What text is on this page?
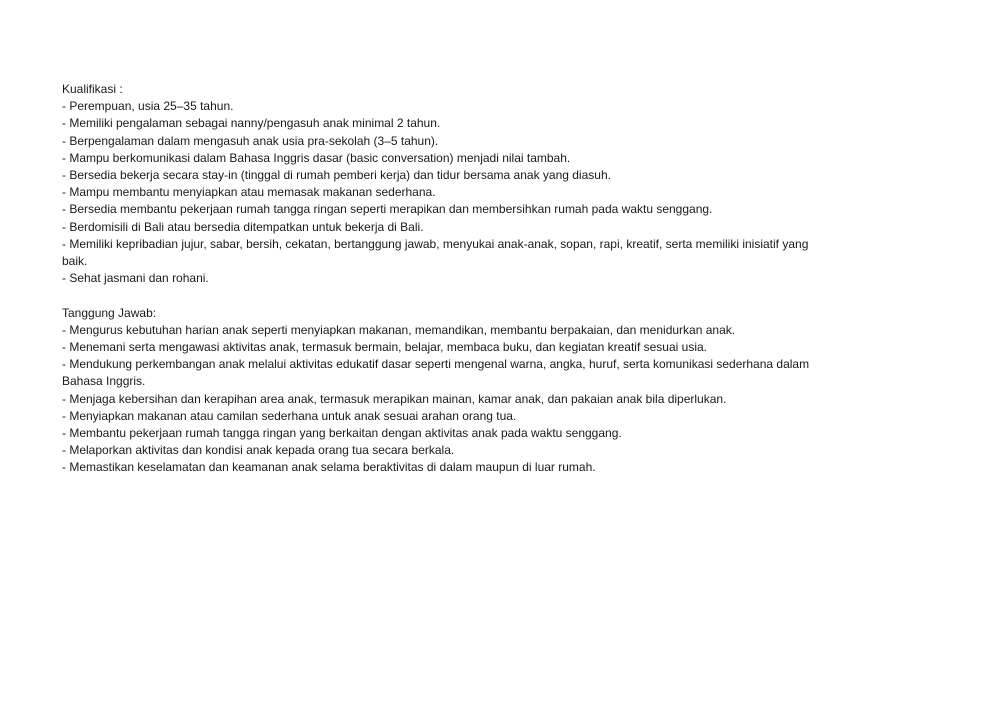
Kualifikasi :
- Perempuan, usia 25–35 tahun.
- Memiliki pengalaman sebagai nanny/pengasuh anak minimal 2 tahun.
- Berpengalaman dalam mengasuh anak usia pra-sekolah (3–5 tahun).
- Mampu berkomunikasi dalam Bahasa Inggris dasar (basic conversation) menjadi nilai tambah.
- Bersedia bekerja secara stay-in (tinggal di rumah pemberi kerja) dan tidur bersama anak yang diasuh.
- Mampu membantu menyiapkan atau memasak makanan sederhana.
- Bersedia membantu pekerjaan rumah tangga ringan seperti merapikan dan membersihkan rumah pada waktu senggang.
- Berdomisili di Bali atau bersedia ditempatkan untuk bekerja di Bali.
- Memiliki kepribadian jujur, sabar, bersih, cekatan, bertanggung jawab, menyukai anak-anak, sopan, rapi, kreatif, serta memiliki inisiatif yang baik.
- Sehat jasmani dan rohani.
Tanggung Jawab:
- Mengurus kebutuhan harian anak seperti menyiapkan makanan, memandikan, membantu berpakaian, dan menidurkan anak.
- Menemani serta mengawasi aktivitas anak, termasuk bermain, belajar, membaca buku, dan kegiatan kreatif sesuai usia.
- Mendukung perkembangan anak melalui aktivitas edukatif dasar seperti mengenal warna, angka, huruf, serta komunikasi sederhana dalam Bahasa Inggris.
- Menjaga kebersihan dan kerapihan area anak, termasuk merapikan mainan, kamar anak, dan pakaian anak bila diperlukan.
- Menyiapkan makanan atau camilan sederhana untuk anak sesuai arahan orang tua.
- Membantu pekerjaan rumah tangga ringan yang berkaitan dengan aktivitas anak pada waktu senggang.
- Melaporkan aktivitas dan kondisi anak kepada orang tua secara berkala.
- Memastikan keselamatan dan keamanan anak selama beraktivitas di dalam maupun di luar rumah.
